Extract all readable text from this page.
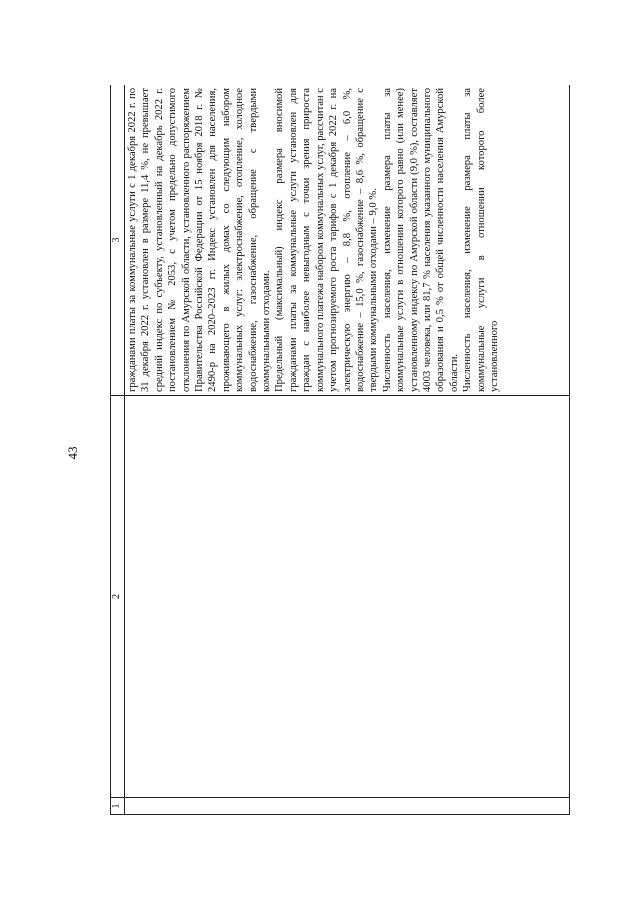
43
1	2	3

		гражданами платы за коммунальные услуги с 1 декабря 2022 г. по 31 декабря 2022 г. установлен в размере 11,4 %, не превышает средний индекс по субъекту, установленный на декабрь 2022 г. постановлением № 2053, с учетом предельно допустимого отклонения по Амурской области, установленного распоряжением Правительства Российской Федерации от 15 ноября 2018 г. № 2490-р на 2020–2023 гг. Индекс установлен для населения, проживающего в жилых домах со следующим набором коммунальных услуг: электроснабжение, отопление, холодное водоснабжение, газоснабжение, обращение с твердыми коммунальными отходами. Предельный (максимальный) индекс размера вносимой гражданами платы за коммунальные услуги установлен для граждан с наиболее невыгодным с точки зрения прироста коммунального платежа набором коммунальных услуг, рассчитан с учетом прогнозируемого роста тарифов с 1 декабря 2022 г. на электрическую энергию – 8,8 %, отопление – 6,0 %, водоснабжение – 15,0 %, газоснабжение – 8,6 %, обращение с твердыми коммунальными отходами – 9,0 %. Численность населения, изменение размера платы за коммунальные услуги в отношении которого равно (или менее) установленному индексу по Амурской области (9,0 %), составляет 4003 человека, или 81,7 % населения указанного муниципального образования и 0,5 % от общей численности населения Амурской области. Численность населения, изменение размера платы за коммунальные услуги в отношении которого более установленного
